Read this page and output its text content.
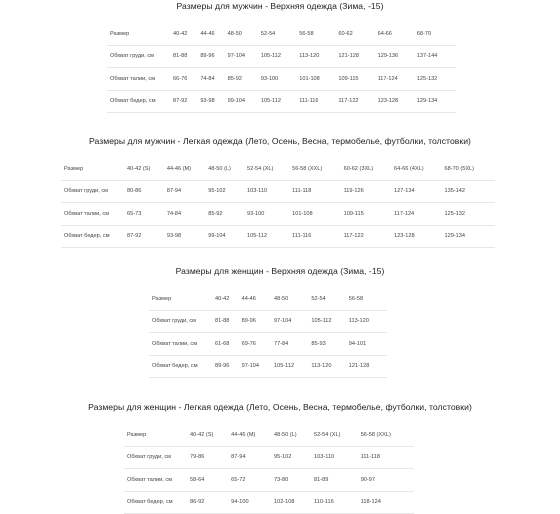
Размеры для мужчин - Верхняя одежда (Зима, -15)
Размер	40-42	44-46	48-50	52-54	56-58	60-62	64-66	68-70
Обхват груди, см	81-88	89-96	97-104	105-112	113-120	121-128	129-136	137-144
Обхват талии, см	66-76	74-84	85-92	93-100	101-108	109-115	117-124	125-132
Обхват бедер, см	87-92	93-98	99-104	105-112	111-116	117-122	123-128	129-134
Размеры для мужчин - Легкая одежда (Лето, Осень, Весна, термобелье, футболки, толстовки)
Размер	40-42 (S)	44-46 (M)	48-50 (L)	52-54 (XL)	56-58 (XXL)	60-62 (3XL)	64-66 (4XL)	68-70 (5XL)
Обхват груди, см	80-86	87-94	95-102	103-110	111-118	119-126	127-134	135-142
Обхват талии, см	65-73	74-84	85-92	93-100	101-108	109-115	117-124	125-132
Обхват бедер, см	87-92	93-98	99-104	105-112	111-116	117-122	123-128	129-134
Размеры для женщин - Верхняя одежда (Зима, -15)
Размер	40-42	44-46	48-50	52-54	56-58
Обхват груди, см	81-88	89-96	97-104	105-112	113-120
Обхват талии, см	61-68	69-76	77-84	85-93	94-101
Обхват бедер, см	89-96	97-104	105-112	113-120	121-128
Размеры для женщин - Легкая одежда (Лето, Осень, Весна, термобелье, футболки, толстовки)
Размер	40-42 (S)	44-46 (M)	48-50 (L)	52-54 (XL)	56-58 (XXL)
Обхват груди, см	79-86	87-94	95-102	103-110	111-118
Обхват талии, см	58-64	65-72	73-80	81-89	90-97
Обхват бедер, см	86-92	94-100	102-108	110-116	118-124
